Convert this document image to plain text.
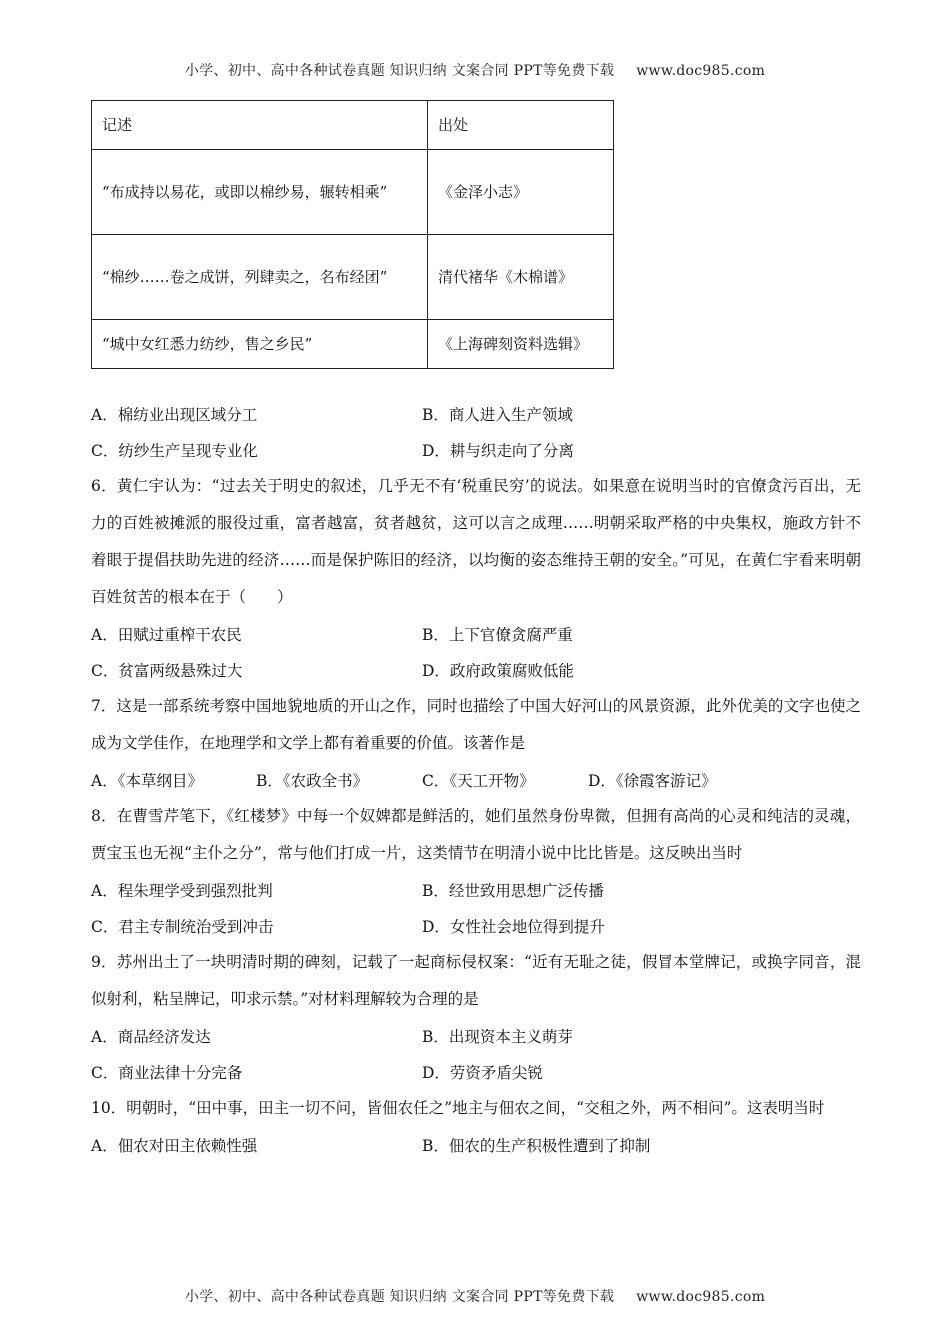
小学、初中、高中各种试卷真题 知识归纳 文案合同 PPT等免费下载 www.doc985.com
记述	出处
“布成持以易花，或即以棉纱易，辗转相乘”	《金泽小志》
“棉纱……卷之成饼，列肆卖之，名布经团”	清代褚华《木棉谱》
“城中女红悉力纺纱，售之乡民”	《上海碑刻资料选辑》
A．棉纺业出现区域分工	B．商人进入生产领域
C．纺纱生产呈现专业化	D．耕与织走向了分离
6．黄仁宇认为：“过去关于明史的叙述，几乎无不有‘税重民穷’的说法。如果意在说明当时的官僚贪污百出，无力的百姓被摊派的服役过重，富者越富，贫者越贫，这可以言之成理……明朝采取严格的中央集权，施政方针不着眼于提倡扶助先进的经济……而是保护陈旧的经济，以均衡的姿态维持王朝的安全。”可见，在黄仁宇看来明朝百姓贫苦的根本在于（　　）
A．田赋过重榨干农民	B．上下官僚贪腐严重
C．贫富两级悬殊过大	D．政府政策腐败低能
7．这是一部系统考察中国地貌地质的开山之作，同时也描绘了中国大好河山的风景资源，此外优美的文字也使之成为文学佳作，在地理学和文学上都有着重要的价值。该著作是
A．《本草纲目》	B．《农政全书》	C．《天工开物》	D．《徐霞客游记》
8．在曹雪芹笔下，《红楼梦》中每一个奴婢都是鲜活的，她们虽然身份卑微，但拥有高尚的心灵和纯洁的灵魂，贾宝玉也无视“主仆之分”，常与他们打成一片，这类情节在明清小说中比比皆是。这反映出当时
A．程朱理学受到强烈批判	B．经世致用思想广泛传播
C．君主专制统治受到冲击	D．女性社会地位得到提升
9．苏州出土了一块明清时期的碑刻，记载了一起商标侵权案：“近有无耻之徒，假冒本堂牌记，或换字同音，混似射利，粘呈牌记，叩求示禁。”对材料理解较为合理的是
A．商品经济发达	B．出现资本主义萌芽
C．商业法律十分完备	D．劳资矛盾尖锐
10．明朝时，“田中事，田主一切不问，皆佃农任之”地主与佃农之间，“交租之外，两不相问”。这表明当时
A．佃农对田主依赖性强	B．佃农的生产积极性遭到了抑制
小学、初中、高中各种试卷真题 知识归纳 文案合同 PPT等免费下载 www.doc985.com
